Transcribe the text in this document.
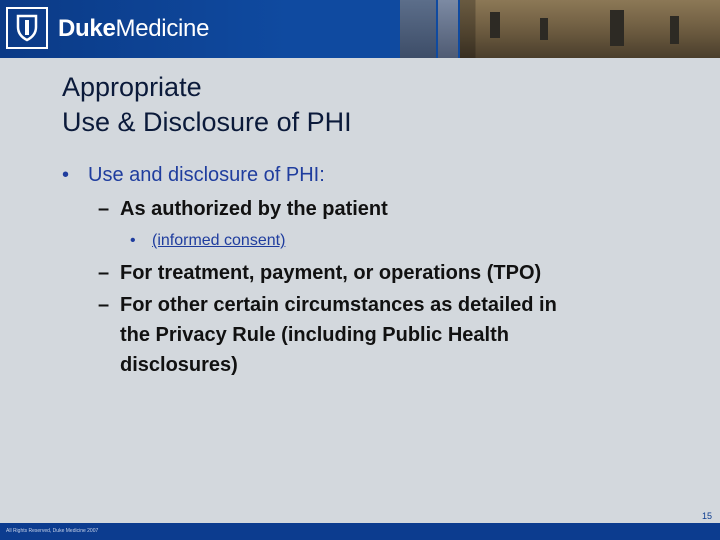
DukeMedicine
Appropriate
Use & Disclosure of PHI
• Use and disclosure of PHI:
– As authorized by the patient
• (informed consent)
– For treatment, payment, or operations (TPO)
– For other certain circumstances as detailed in
the Privacy Rule (including Public Health
disclosures)
15
All Rights Reserved, Duke Medicine 2007
